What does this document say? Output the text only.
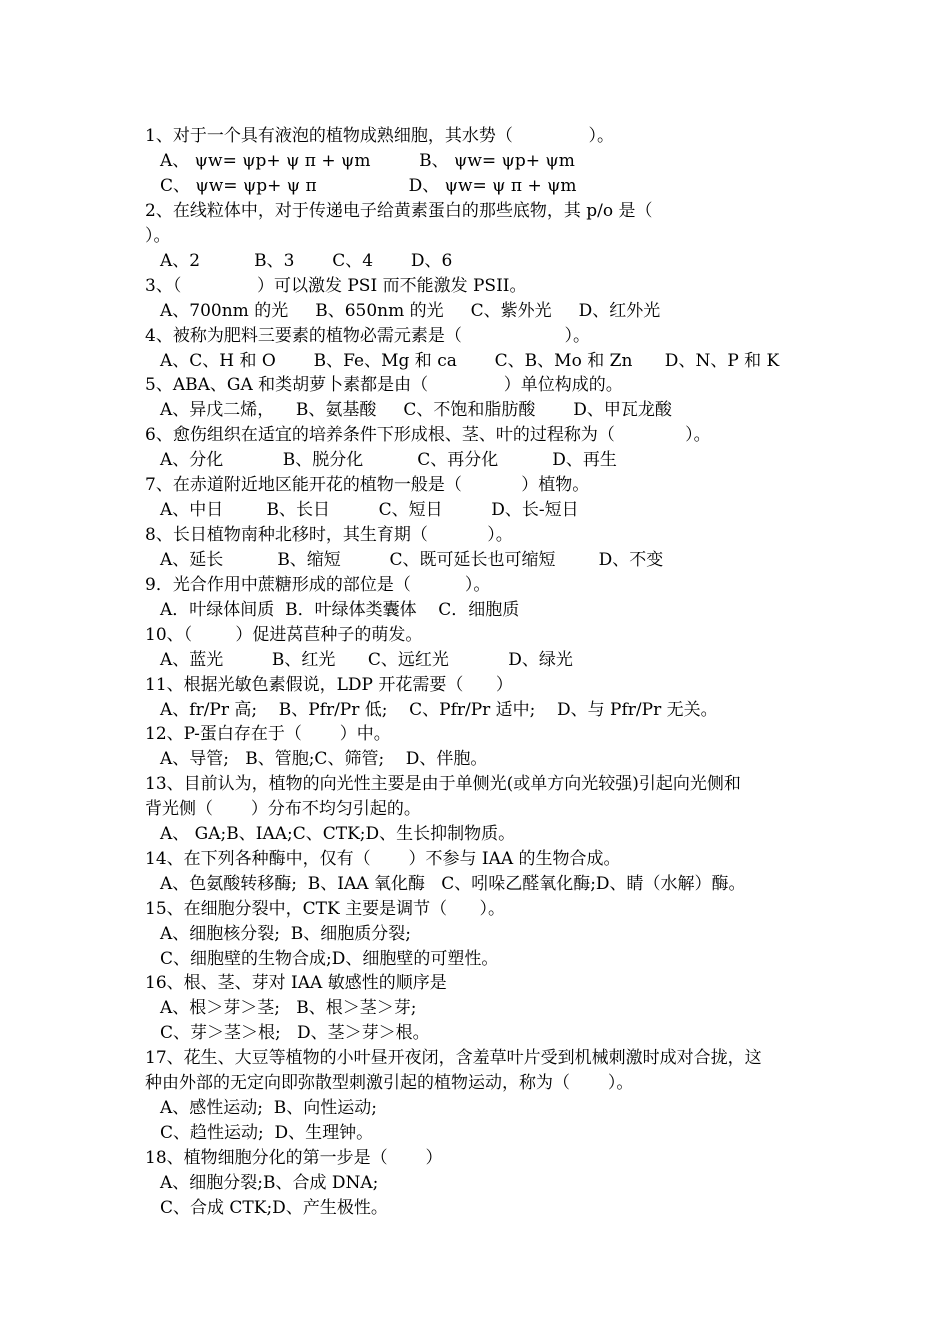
1、对于一个具有液泡的植物成熟细胞，其水势（              ）。
A、 ψw= ψp+ ψ π + ψm         B、 ψw= ψp+ ψm
C、 ψw= ψp+ ψ π                 D、 ψw= ψ π + ψm
2、在线粒体中，对于传递电子给黄素蛋白的那些底物，其 p/o 是（
）。
A、2          B、3       C、4       D、6
3、（              ）可以激发 PSI 而不能激发 PSII。
A、700nm 的光     B、650nm 的光     C、紫外光     D、红外光
4、被称为肥料三要素的植物必需元素是（                   ）。
A、C、H 和 O       B、Fe、Mg 和 ca       C、B、Mo 和 Zn      D、N、P 和 K
5、ABA、GA 和类胡萝卜素都是由（              ）单位构成的。
A、异戊二烯，    B、氨基酸     C、不饱和脂肪酸       D、甲瓦龙酸
6、愈伤组织在适宜的培养条件下形成根、茎、叶的过程称为（             ）。
A、分化           B、脱分化          C、再分化          D、再生
7、在赤道附近地区能开花的植物一般是（           ）植物。
A、中日        B、长日         C、短日         D、长-短日
8、长日植物南种北移时，其生育期（           ）。
A、延长          B、缩短         C、既可延长也可缩短        D、不变
9．光合作用中蔗糖形成的部位是（          ）。
A．叶绿体间质  B．叶绿体类囊体    C．细胞质
10、（        ）促进莴苣种子的萌发。
A、蓝光         B、红光      C、远红光           D、绿光
11、根据光敏色素假说，LDP 开花需要（      ）
A、fr/Pr 高;    B、Pfr/Pr 低;    C、Pfr/Pr 适中;    D、与 Pfr/Pr 无关。
12、P-蛋白存在于（       ）中。
A、导管;   B、管胞;C、筛管;    D、伴胞。
13、目前认为，植物的向光性主要是由于单侧光(或单方向光较强)引起向光侧和
背光侧（       ）分布不均匀引起的。
A、 GA;B、IAA;C、CTK;D、生长抑制物质。
14、在下列各种酶中，仅有（       ）不参与 IAA 的生物合成。
A、色氨酸转移酶;  B、IAA 氧化酶   C、吲哚乙醛氧化酶;D、睛（水解）酶。
15、在细胞分裂中，CTK 主要是调节（      ）。
A、细胞核分裂;  B、细胞质分裂;
C、细胞壁的生物合成;D、细胞壁的可塑性。
16、根、茎、芽对 IAA 敏感性的顺序是
A、根＞芽＞茎;   B、根＞茎＞芽;
C、芽＞茎＞根;   D、茎＞芽＞根。
17、花生、大豆等植物的小叶昼开夜闭，含羞草叶片受到机械刺激时成对合拢，这
种由外部的无定向即弥散型刺激引起的植物运动，称为（       ）。
A、感性运动;  B、向性运动;
C、趋性运动;  D、生理钟。
18、植物细胞分化的第一步是（       ）
A、细胞分裂;B、合成 DNA;
C、合成 CTK;D、产生极性。
